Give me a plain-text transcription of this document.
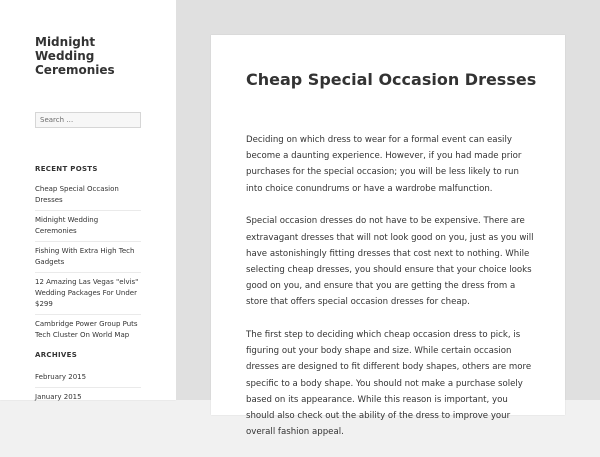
Midnight Wedding Ceremonies
Search …
RECENT POSTS
Cheap Special Occasion Dresses
Midnight Wedding Ceremonies
Fishing With Extra High Tech Gadgets
12 Amazing Las Vegas "elvis" Wedding Packages For Under $299
Cambridge Power Group Puts Tech Cluster On World Map
ARCHIVES
February 2015
January 2015
Cheap Special Occasion Dresses

Deciding on which dress to wear for a formal event can easily become a daunting experience. However, if you had made prior purchases for the special occasion; you will be less likely to run into choice conundrums or have a wardrobe malfunction.

Special occasion dresses do not have to be expensive. There are extravagant dresses that will not look good on you, just as you will have astonishingly fitting dresses that cost next to nothing. While selecting cheap dresses, you should ensure that your choice looks good on you, and ensure that you are getting the dress from a store that offers special occasion dresses for cheap.

The first step to deciding which cheap occasion dress to pick, is figuring out your body shape and size. While certain occasion dresses are designed to fit different body shapes, others are more specific to a body shape. You should not make a purchase solely based on its appearance. While this reason is important, you should also check out the ability of the dress to improve your overall fashion appeal.
